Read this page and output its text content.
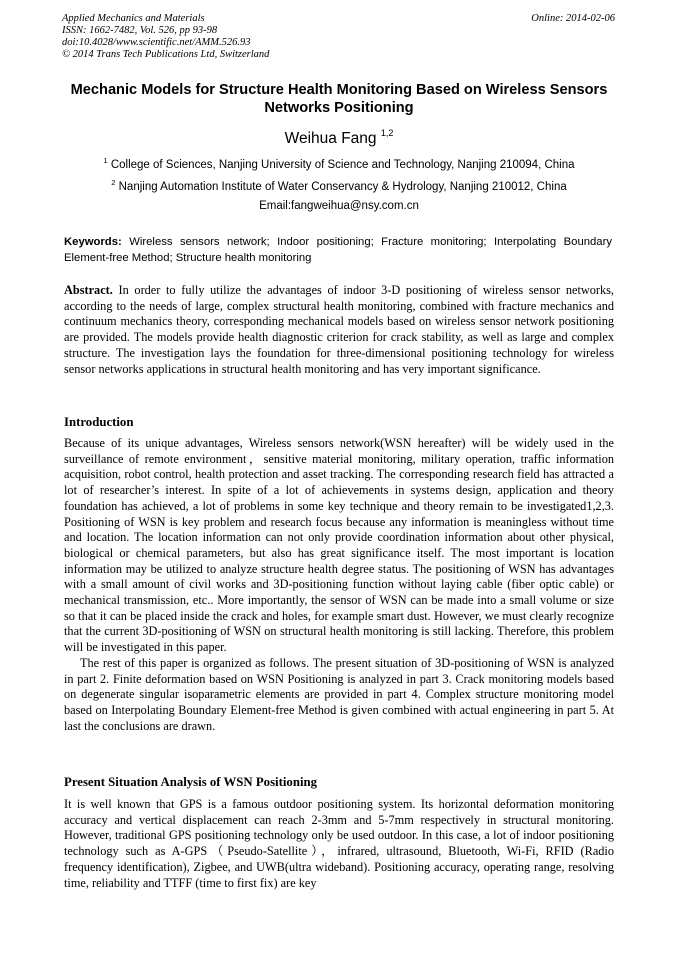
Applied Mechanics and Materials
ISSN: 1662-7482, Vol. 526, pp 93-98
doi:10.4028/www.scientific.net/AMM.526.93
© 2014 Trans Tech Publications Ltd, Switzerland
Online: 2014-02-06
Mechanic Models for Structure Health Monitoring Based on Wireless Sensors Networks Positioning
Weihua Fang $^{1,2}$
$^1$ College of Sciences, Nanjing University of Science and Technology, Nanjing 210094, China
$^2$ Nanjing Automation Institute of Water Conservancy & Hydrology, Nanjing 210012, China
Email:fangweihua@nsy.com.cn
Keywords: Wireless sensors network; Indoor positioning; Fracture monitoring; Interpolating Boundary Element-free Method; Structure health monitoring

Abstract. In order to fully utilize the advantages of indoor 3-D positioning of wireless sensor networks, according to the needs of large, complex structural health monitoring, combined with fracture mechanics and continuum mechanics theory, corresponding mechanical models based on wireless sensor network positioning are provided. The models provide health diagnostic criterion for crack stability, as well as large and complex structure. The investigation lays the foundation for three-dimensional positioning technology for wireless sensor networks applications in structural health monitoring and has very important significance.

Introduction

Because of its unique advantages, Wireless sensors network(WSN hereafter) will be widely used in the surveillance of remote environment，sensitive material monitoring, military operation, traffic information acquisition, robot control, health protection and asset tracking. The corresponding research field has attracted a lot of researcher’s interest. In spite of a lot of achievements in systems design, application and theory foundation has achieved, a lot of problems in some key technique and theory remain to be investigated1,2,3. Positioning of WSN is key problem and research focus because any information is meaningless without time and location. The location information can not only provide coordination information about other physical, biological or chemical parameters, but also has great significance itself. The most important is location information may be utilized to analyze structure health degree status. The positioning of WSN has advantages with a small amount of civil works and 3D-positioning function without laying cable (fiber optic cable) or mechanical transmission, etc.. More importantly, the sensor of WSN can be made into a small volume or size so that it can be placed inside the crack and holes, for example smart dust. However, we must clearly recognize that the current 3D-positioning of WSN on structural health monitoring is still lacking. Therefore, this problem will be investigated in this paper.

The rest of this paper is organized as follows. The present situation of 3D-positioning of WSN is analyzed in part 2. Finite deformation based on WSN Positioning is analyzed in part 3. Crack monitoring models based on degenerate singular isoparametric elements are provided in part 4. Complex structure monitoring model based on Interpolating Boundary Element-free Method is given combined with actual engineering in part 5. At last the conclusions are drawn.

Present Situation Analysis of WSN Positioning

It is well known that GPS is a famous outdoor positioning system. Its horizontal deformation monitoring accuracy and vertical displacement can reach 2-3mm and 5-7mm respectively in structural monitoring. However, traditional GPS positioning technology only be used outdoor. In this case, a lot of indoor positioning technology such as A-GPS（Pseudo-Satellite），infrared, ultrasound, Bluetooth, Wi-Fi, RFID (Radio frequency identification), Zigbee, and UWB(ultra wideband). Positioning accuracy, operating range, resolving time, reliability and TTFF (time to first fix) are key
